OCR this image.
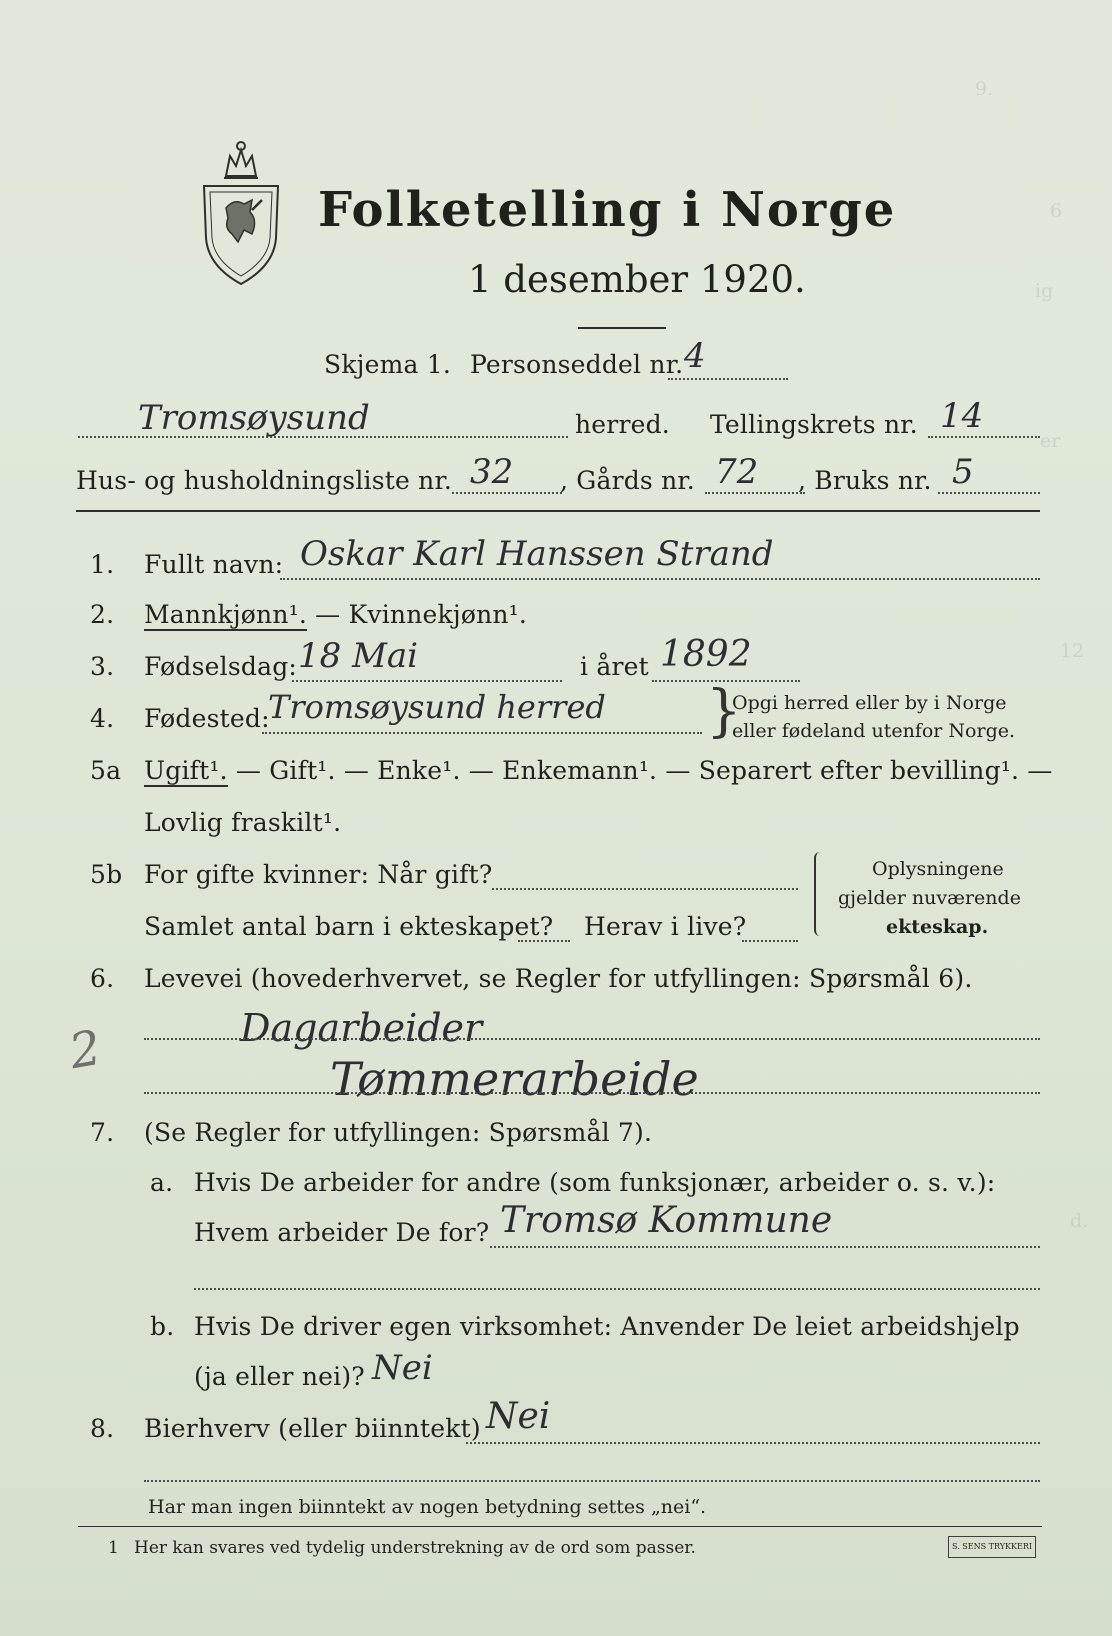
9.
6
ig
er
12
d.
Folketelling i Norge
1 desember 1920.
Skjema 1. Personseddel nr. 4
Tromsøysund	herred. Tellingskrets nr. 14
Hus- og husholdningsliste nr. 32 , Gårds nr. 72 , Bruks nr. 5
1. Fullt navn: Oskar Karl Hanssen Strand
2. Mannkjønn¹. — Kvinnekjønn¹.
3. Fødselsdag: 18 Mai	i året 1892
4. Fødested:
Tromsøysund herred }
Opgi herred eller by i Norge
eller fødeland utenfor Norge.
5a Ugift¹. — Gift¹. — Enke¹. — Enkemann¹. — Separert efter bevilling¹. —
Lovlig fraskilt¹.
5b For gifte kvinner: Når gift?
Samlet antal barn i ekteskapet? Herav i live?
Oplysningene
gjelder nuværende
ekteskap.
6. Levevei (hovederhvervet, se Regler for utfyllingen: Spørsmål 6).
2	Dagarbeider
Tømmerarbeide
7. (Se Regler for utfyllingen: Spørsmål 7).
a. Hvis De arbeider for andre (som funksjonær, arbeider o. s. v.):
Hvem arbeider De for? Tromsø Kommune
b. Hvis De driver egen virksomhet: Anvender De leiet arbeidshjelp
(ja eller nei)? Nei
8. Bierhverv (eller biinntekt) Nei
Har man ingen biinntekt av nogen betydning settes „nei“.
1 Her kan svares ved tydelig understrekning av de ord som passer.	S. SENS TRYKKERI
